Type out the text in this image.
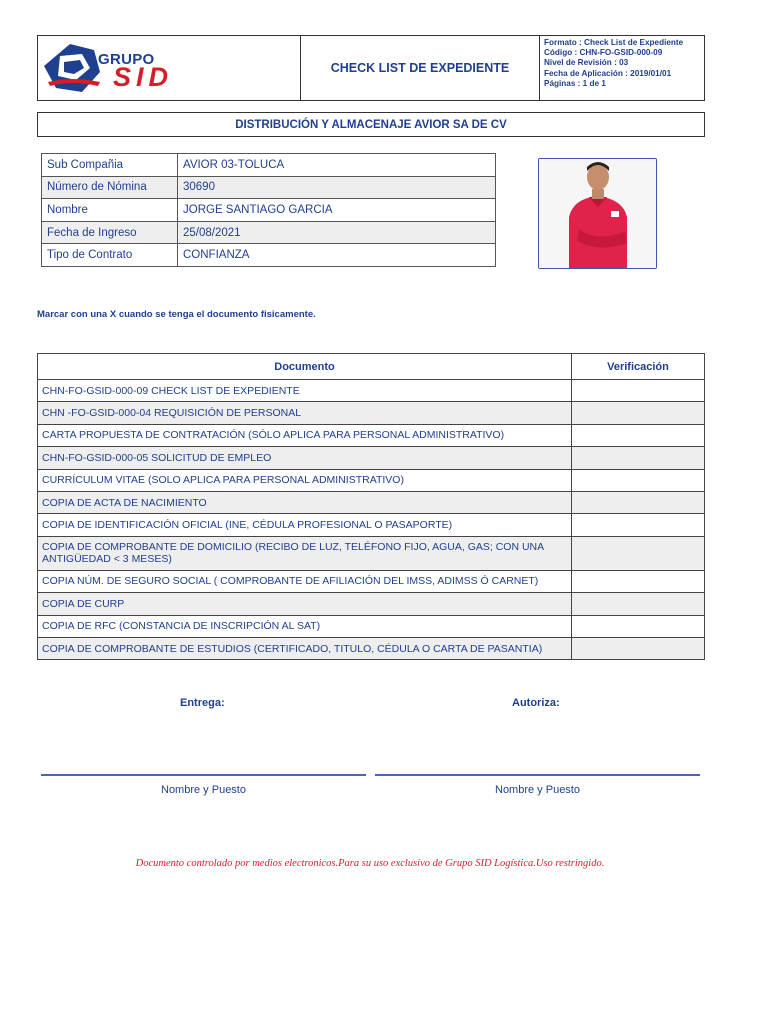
GRUPO
SID	CHECK LIST DE EXPEDIENTE
Formato : Check List de Expediente
Código : CHN-FO-GSID-000-09
Nivel de Revisión : 03
Fecha de Aplicación : 2019/01/01
Páginas : 1 de 1
DISTRIBUCIÓN Y ALMACENAJE AVIOR SA DE CV
Sub Compañia	AVIOR 03-TOLUCA
Número de Nómina	30690
Nombre	JORGE SANTIAGO GARCIA
Fecha de Ingreso	25/08/2021
Tipo de Contrato	CONFIANZA
Marcar con una X cuando se tenga el documento fisicamente.
Documento	Verificación
CHN-FO-GSID-000-09 CHECK LIST DE EXPEDIENTE	
CHN -FO-GSID-000-04 REQUISICIÓN DE PERSONAL	
CARTA PROPUESTA DE CONTRATACIÓN (SÓLO APLICA PARA PERSONAL ADMINISTRATIVO)	
CHN-FO-GSID-000-05 SOLICITUD DE EMPLEO	
CURRÍCULUM VITAE (SOLO APLICA PARA PERSONAL ADMINISTRATIVO)	
COPIA DE ACTA DE NACIMIENTO	
COPIA DE IDENTIFICACIÓN OFICIAL (INE, CÉDULA PROFESIONAL O PASAPORTE)	
COPIA DE COMPROBANTE DE DOMICILIO (RECIBO DE LUZ, TELÉFONO FIJO, AGUA, GAS; CON UNA ANTIGÜEDAD < 3 MESES)	
COPIA NÚM. DE SEGURO SOCIAL ( COMPROBANTE DE AFILIACIÓN DEL IMSS, ADIMSS Ó CARNET)	
COPIA DE CURP	
COPIA DE RFC (CONSTANCIA DE INSCRIPCIÓN AL SAT)	
COPIA DE COMPROBANTE DE ESTUDIOS (CERTIFICADO, TITULO, CÉDULA O CARTA DE PASANTIA)	
Entrega:	Autoriza:
Nombre y Puesto	Nombre y Puesto
Documento controlado por medios electronicos.Para su uso exclusivo de Grupo SID Logística.Uso restringido.
